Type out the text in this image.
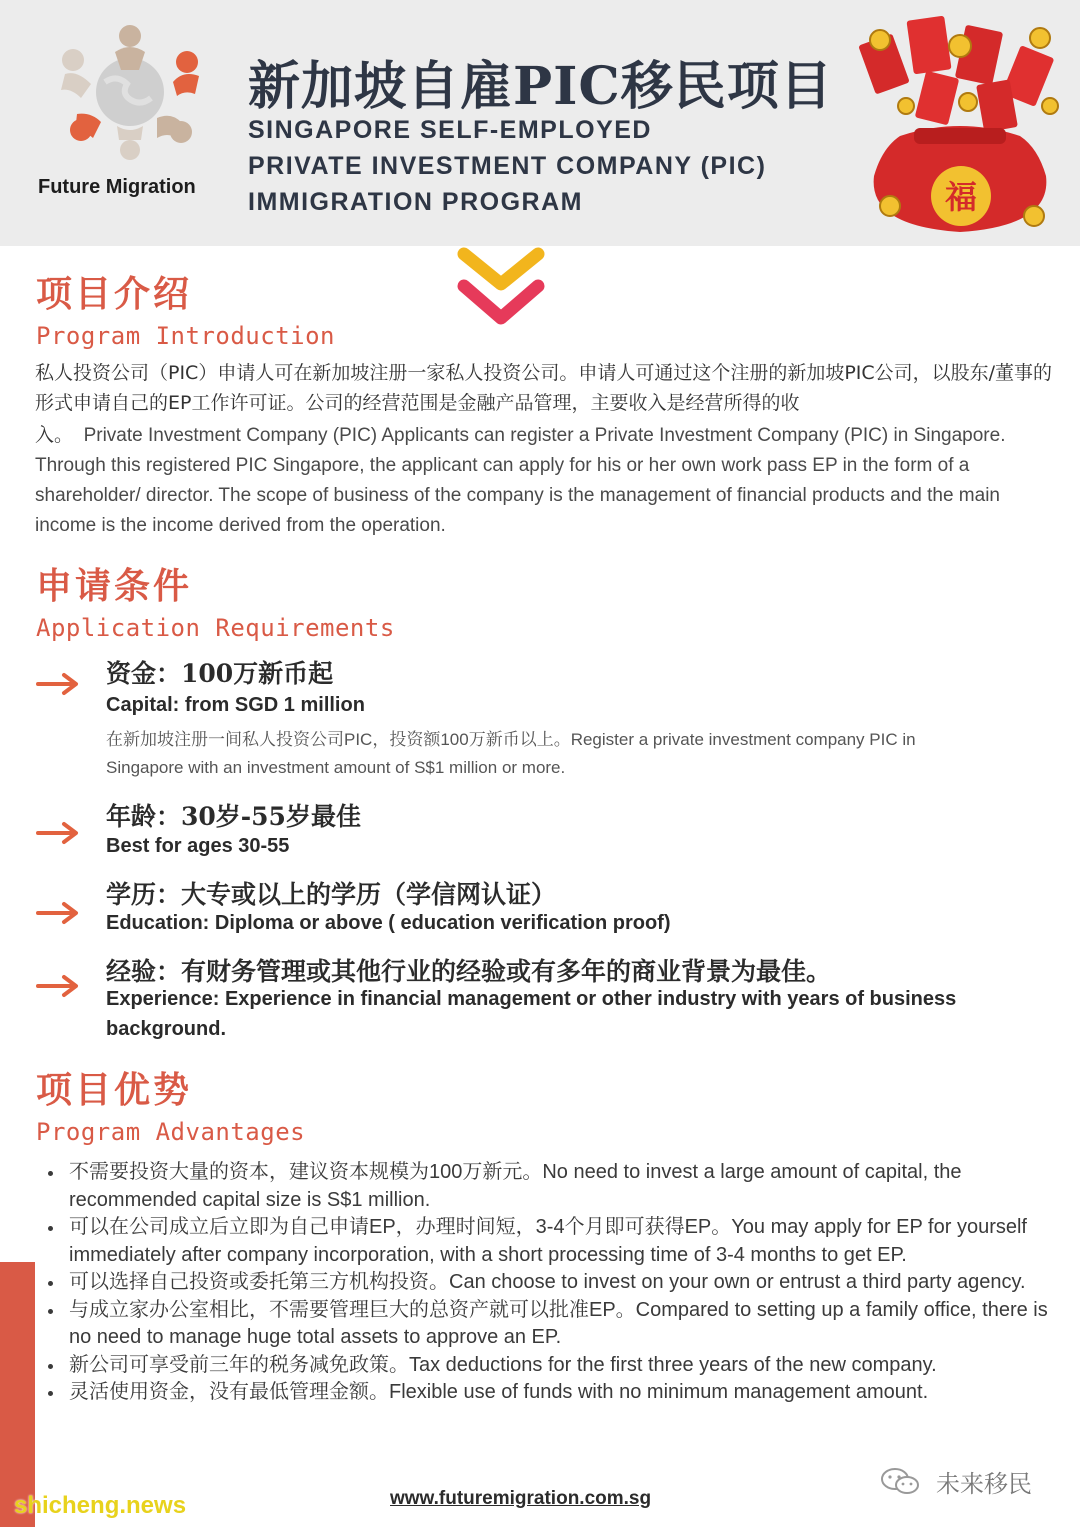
Future Migration
新加坡自雇PIC移民项目
SINGAPORE SELF-EMPLOYED
PRIVATE INVESTMENT COMPANY (PIC)
IMMIGRATION PROGRAM	福
项目介绍
Program Introduction
私人投资公司（PIC）申请人可在新加坡注册一家私人投资公司。申请人可通过这个注册的新加坡PIC公司，以股东/董事的形式申请自己的EP工作许可证。公司的经营范围是金融产品管理，主要收入是经营所得的收
入。 Private Investment Company (PIC) Applicants can register a Private Investment Company (PIC) in Singapore. Through this registered PIC Singapore, the applicant can apply for his or her own work pass EP in the form of a shareholder/ director. The scope of business of the company is the management of financial products and the main income is the income derived from the operation.
申请条件
Application Requirements
资金：100万新币起
Capital: from SGD 1 million
在新加坡注册一间私人投资公司PIC，投资额100万新币以上。Register a private investment company PIC in Singapore with an investment amount of S$1 million or more.
年龄：30岁-55岁最佳
Best for ages 30-55
学历：大专或以上的学历（学信网认证）
Education: Diploma or above ( education verification proof)
经验：有财务管理或其他行业的经验或有多年的商业背景为最佳。
Experience: Experience in financial management or other industry with years of business background.
项目优势
Program Advantages
不需要投资大量的资本，建议资本规模为100万新元。No need to invest a large amount of capital, the recommended capital size is S$1 million.
可以在公司成立后立即为自己申请EP，办理时间短，3-4个月即可获得EP。You may apply for EP for yourself immediately after company incorporation, with a short processing time of 3-4 months to get EP.
可以选择自己投资或委托第三方机构投资。Can choose to invest on your own or entrust a third party agency.
与成立家办公室相比，不需要管理巨大的总资产就可以批准EP。Compared to setting up a family office, there is no need to manage huge total assets to approve an EP.
新公司可享受前三年的税务减免政策。Tax deductions for the first three years of the new company.
灵活使用资金，没有最低管理金额。Flexible use of funds with no minimum management amount.
www.futuremigration.com.sg
未来移民
shicheng.news
